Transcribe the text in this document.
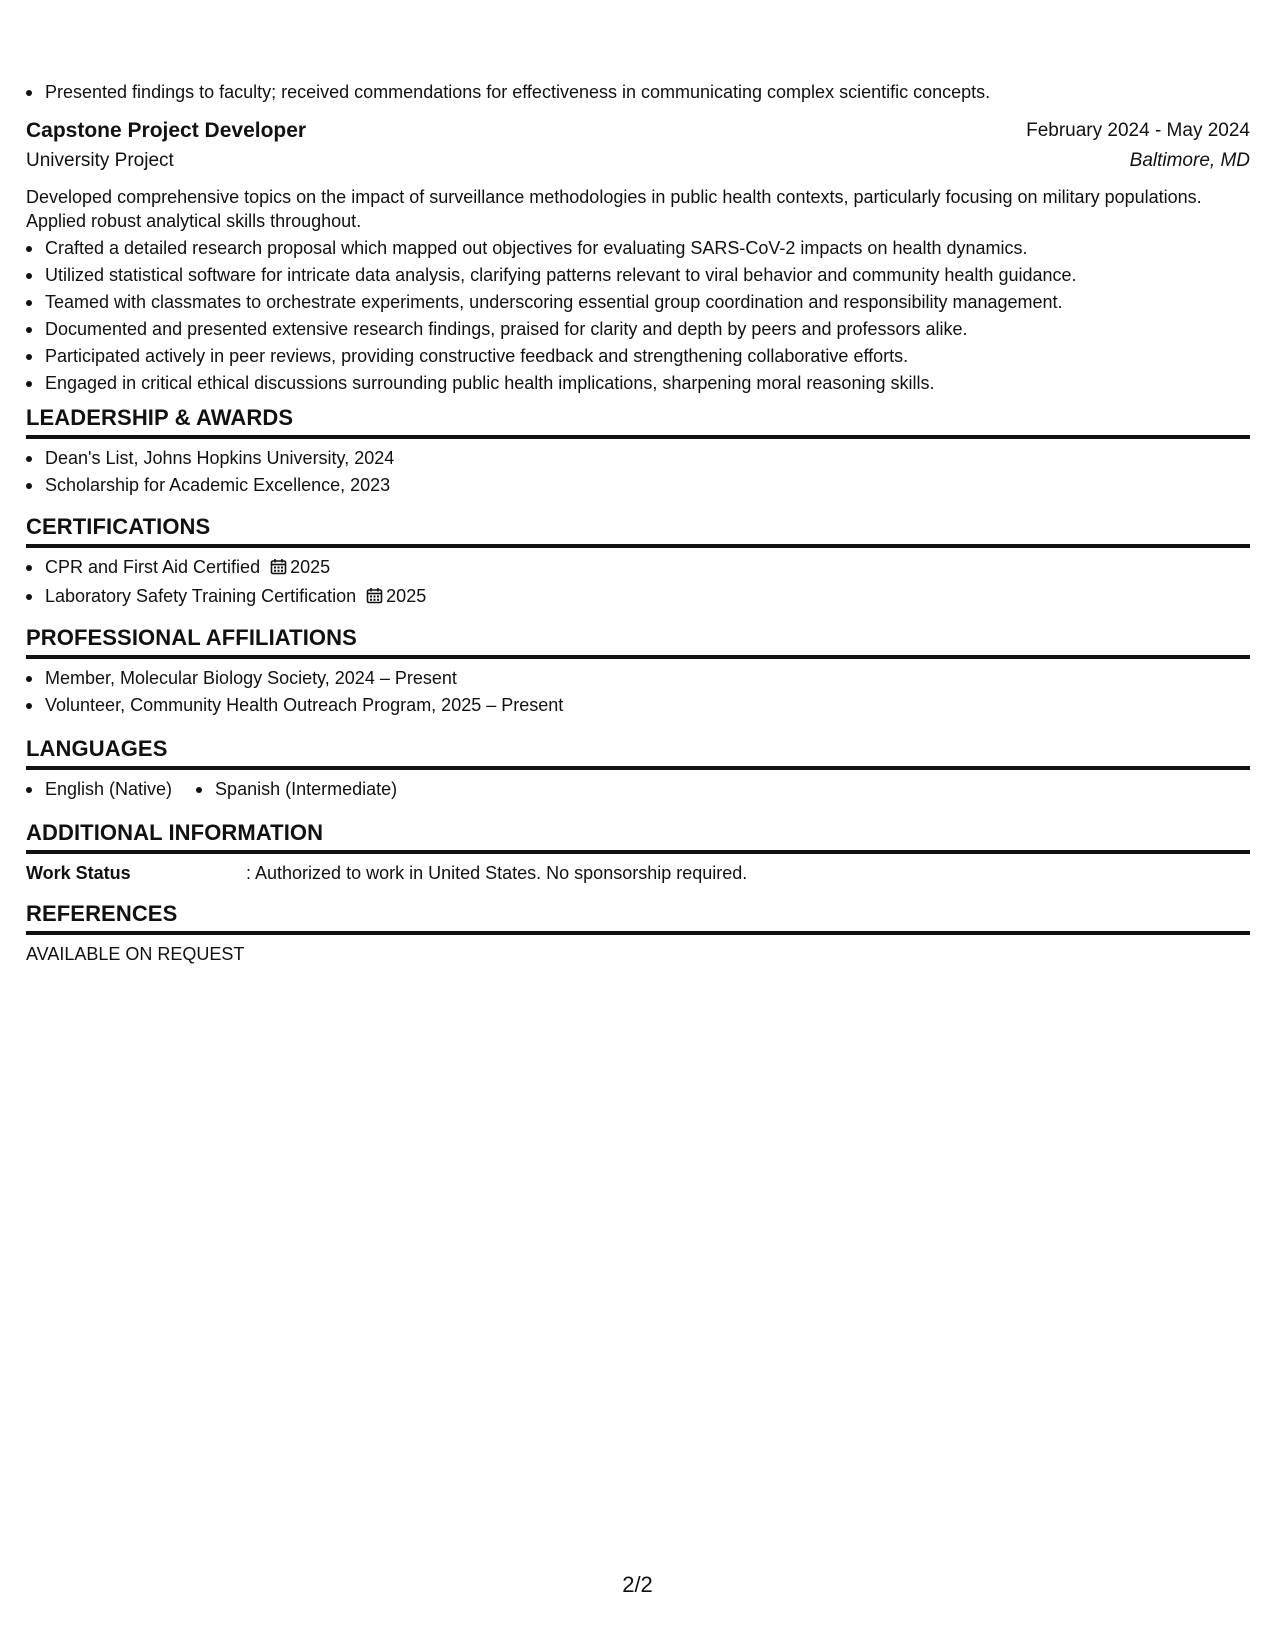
Presented findings to faculty; received commendations for effectiveness in communicating complex scientific concepts.
Capstone Project Developer	February 2024 - May 2024
University Project	Baltimore, MD
Developed comprehensive topics on the impact of surveillance methodologies in public health contexts, particularly focusing on military populations. Applied robust analytical skills throughout.
Crafted a detailed research proposal which mapped out objectives for evaluating SARS-CoV-2 impacts on health dynamics.
Utilized statistical software for intricate data analysis, clarifying patterns relevant to viral behavior and community health guidance.
Teamed with classmates to orchestrate experiments, underscoring essential group coordination and responsibility management.
Documented and presented extensive research findings, praised for clarity and depth by peers and professors alike.
Participated actively in peer reviews, providing constructive feedback and strengthening collaborative efforts.
Engaged in critical ethical discussions surrounding public health implications, sharpening moral reasoning skills.
LEADERSHIP & AWARDS
Dean's List, Johns Hopkins University, 2024
Scholarship for Academic Excellence, 2023
CERTIFICATIONS
CPR and First Aid Certified 2025
Laboratory Safety Training Certification 2025
PROFESSIONAL AFFILIATIONS
Member, Molecular Biology Society, 2024 – Present
Volunteer, Community Health Outreach Program, 2025 – Present
LANGUAGES
English (Native)	Spanish (Intermediate)
ADDITIONAL INFORMATION
Work Status	: Authorized to work in United States. No sponsorship required.
REFERENCES
AVAILABLE ON REQUEST
2/2
